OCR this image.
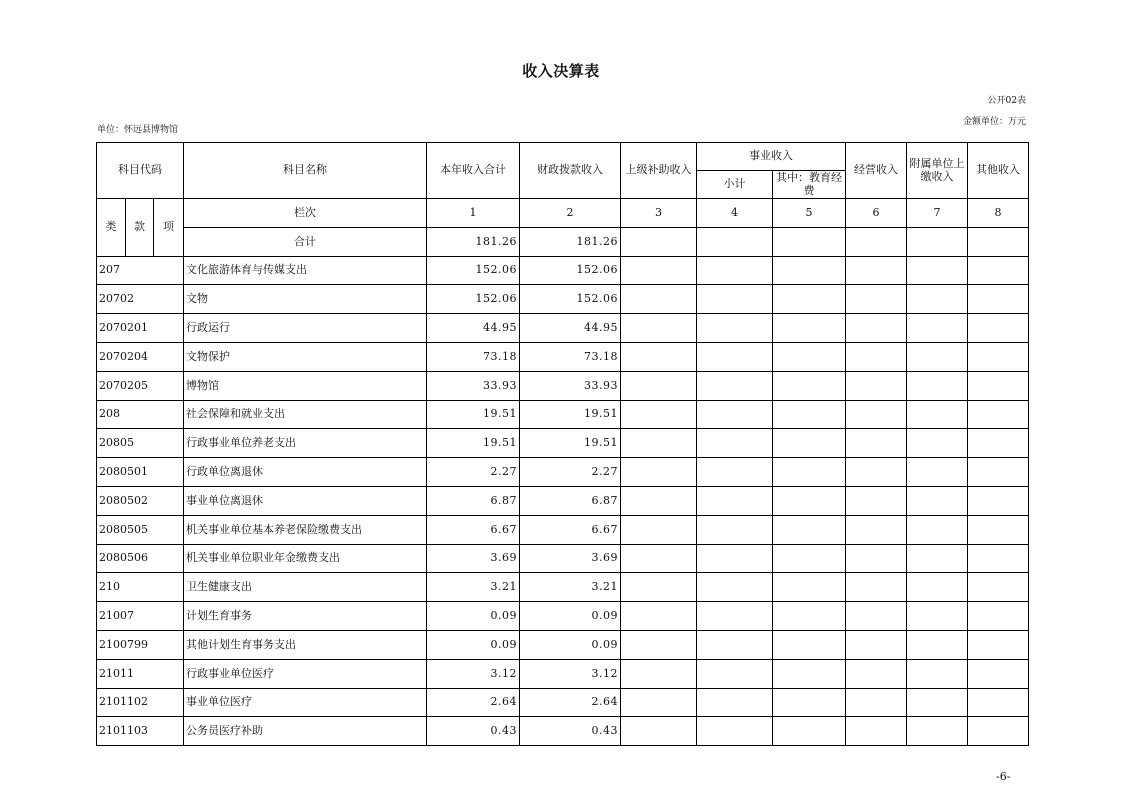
收入决算表
公开02表
金额单位：万元
单位：怀远县博物馆
科目代码			科目名称	本年收入合计	财政拨款收入	上级补助收入	事业收入		经营收入	附属单位上缴收入	其他收入
							小计	其中：教育经费			
类	款	项	栏次	1	2	3	4	5	6	7	8
			合计	181.26	181.26						
207			文化旅游体育与传媒支出	152.06	152.06						
20702			文物	152.06	152.06						
2070201			行政运行	44.95	44.95						
2070204			文物保护	73.18	73.18						
2070205			博物馆	33.93	33.93						
208			社会保障和就业支出	19.51	19.51						
20805			行政事业单位养老支出	19.51	19.51						
2080501			行政单位离退休	2.27	2.27						
2080502			事业单位离退休	6.87	6.87						
2080505			机关事业单位基本养老保险缴费支出	6.67	6.67						
2080506			机关事业单位职业年金缴费支出	3.69	3.69						
210			卫生健康支出	3.21	3.21						
21007			计划生育事务	0.09	0.09						
2100799			其他计划生育事务支出	0.09	0.09						
21011			行政事业单位医疗	3.12	3.12						
2101102			事业单位医疗	2.64	2.64						
2101103			公务员医疗补助	0.43	0.43						
-6-
